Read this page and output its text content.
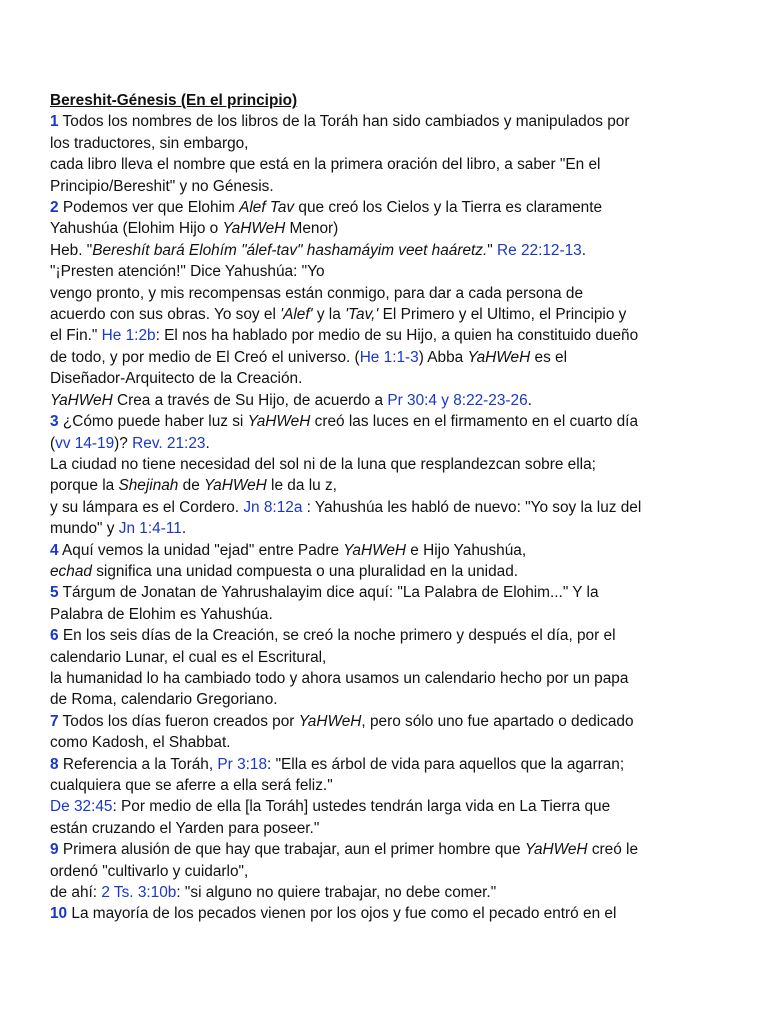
Bereshit-Génesis (En el principio)
1 Todos los nombres de los libros de la Toráh han sido cambiados y manipulados por
los traductores, sin embargo,
cada libro lleva el nombre que está en la primera oración del libro, a saber "En el
Principio/Bereshit" y no Génesis.
2 Podemos ver que Elohim Alef Tav que creó los Cielos y la Tierra es claramente
Yahushúa (Elohim Hijo o YaHWeH Menor)
Heb. "Bereshít bará Elohím "álef-tav" hashamáyim veet haáretz." Re 22:12-13.
"¡Presten atención!" Dice Yahushúa: "Yo
vengo pronto, y mis recompensas están conmigo, para dar a cada persona de
acuerdo con sus obras. Yo soy el 'Alef' y la 'Tav,' El Primero y el Ultimo, el Principio y
el Fin." He 1:2b: El nos ha hablado por medio de su Hijo, a quien ha constituido dueño
de todo, y por medio de El Creó el universo. (He 1:1-3) Abba YaHWeH es el
Diseñador-Arquitecto de la Creación.
YaHWeH Crea a través de Su Hijo, de acuerdo a Pr 30:4 y 8:22-23-26.
3 ¿Cómo puede haber luz si YaHWeH creó las luces en el firmamento en el cuarto día
(vv 14-19)? Rev. 21:23.
La ciudad no tiene necesidad del sol ni de la luna que resplandezcan sobre ella;
porque la Shejinah de YaHWeH le da lu z,
y su lámpara es el Cordero. Jn 8:12a : Yahushúa les habló de nuevo: "Yo soy la luz del
mundo" y Jn 1:4-11.
4 Aquí vemos la unidad "ejad" entre Padre YaHWeH e Hijo Yahushúa,
echad significa una unidad compuesta o una pluralidad en la unidad.
5 Tárgum de Jonatan de Yahrushalayim dice aquí: "La Palabra de Elohim..." Y la
Palabra de Elohim es Yahushúa.
6 En los seis días de la Creación, se creó la noche primero y después el día, por el
calendario Lunar, el cual es el Escritural,
la humanidad lo ha cambiado todo y ahora usamos un calendario hecho por un papa
de Roma, calendario Gregoriano.
7 Todos los días fueron creados por YaHWeH, pero sólo uno fue apartado o dedicado
como Kadosh, el Shabbat.
8 Referencia a la Toráh, Pr 3:18: "Ella es árbol de vida para aquellos que la agarran;
cualquiera que se aferre a ella será feliz."
De 32:45: Por medio de ella [la Toráh] ustedes tendrán larga vida en La Tierra que
están cruzando el Yarden para poseer."
9 Primera alusión de que hay que trabajar, aun el primer hombre que YaHWeH creó le
ordenó "cultivarlo y cuidarlo",
de ahí: 2 Ts. 3:10b: "si alguno no quiere trabajar, no debe comer."
10 La mayoría de los pecados vienen por los ojos y fue como el pecado entró en el
